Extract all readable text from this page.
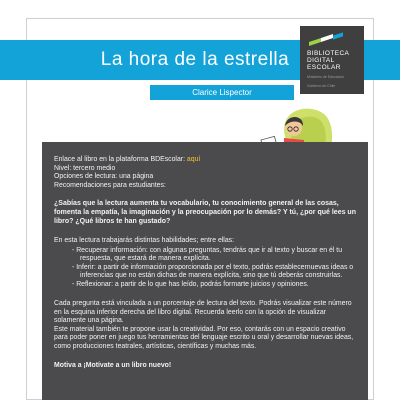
La hora de la estrella	BIBLIOTECA
DIGITAL
ESCOLAR
Ministerio de Educación
Gobierno de Chile
Clarice Lispector
Enlace al libro en la plataforma BDEscolar: aquí
Nivel: tercero medio
Opciones de lectura: una página
Recomendaciones para estudiantes:
¿Sabías que la lectura aumenta tu vocabulario, tu conocimiento general de las cosas, fomenta la empatía, la imaginación y la preocupación por lo demás? Y tú, ¿por qué lees un libro? ¿Qué libros te han gustado?
En esta lectura trabajarás distintas habilidades; entre ellas:
- Recuperar información: con algunas preguntas, tendrás que ir al texto y buscar en él tu respuesta, que estará de manera explícita.
- Inferir: a partir de información proporcionada por el texto, podrás establecernuevas ideas o inferencias que no están dichas de manera explícita, sino que tú deberás construirlas.
- Reflexionar: a partir de lo que has leído, podrás formarte juicios y opiniones.
Cada pregunta está vinculada a un porcentaje de lectura del texto. Podrás visualizar este número en la esquina inferior derecha del libro digital. Recuerda leerlo con la opción de visualizar solamente una página.
Este material también te propone usar la creatividad. Por eso, contarás con un espacio creativo para poder poner en juego tus herramientas del lenguaje escrito u oral y desarrollar nuevas ideas, como producciones teatrales, artísticas, científicas y muchas más.
Motiva a ¡Motívate a un libro nuevo!
